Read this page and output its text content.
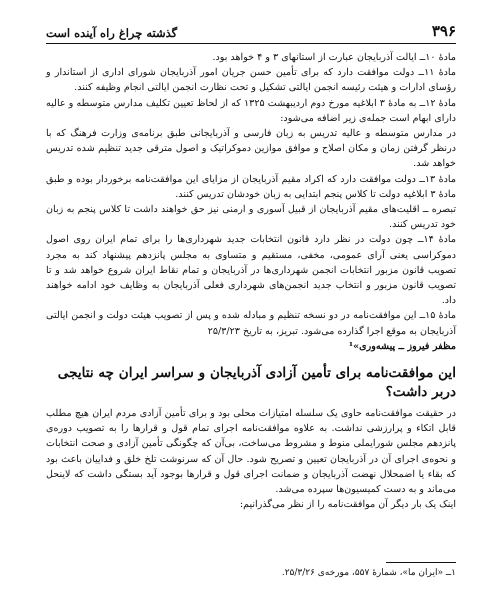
۳۹۶
گذشته چراغ راه آینده است

مادهٔ ۱۰ــ ایالت آذربایجان عبارت از استانهای ۳ و ۴ خواهد بود.

مادهٔ ۱۱ــ دولت موافقت دارد که برای تأمین حسن جریان امور آذربایجان شورای اداری از استاندار و رؤسای ادارات و هیئت رئیسه انجمن ایالتی تشکیل و تحت نظارت انجمن ایالتی انجام وظیفه کنند.

مادهٔ ۱۲ــ به مادهٔ ۳ ابلاغیه مورخ دوم اردیبهشت ۱۳۲۵ که از لحاظ تعیین تکلیف مدارس متوسطه و عالیه دارای ابهام است جمله‌ی زیر اضافه می‌شود:

در مدارس متوسطه و عالیه تدریس به زبان فارسی و آذربایجانی طبق برنامه‌ی وزارت فرهنگ که با درنظر گرفتن زمان و مکان اصلاح و موافق موازین دموکراتیک و اصول مترقی جدید تنظیم شده تدریس خواهد شد.

مادهٔ ۱۳ــ دولت موافقت دارد که اکراد مقیم آذربایجان از مزایای این موافقت‌نامه برخوردار بوده و طبق مادهٔ ۳ ابلاغیه دولت تا کلاس پنجم ابتدایی به زبان خودشان تدریس کنند.

تبصره ــ اقلیت‌های مقیم آذربایجان از قبیل آسوری و ارمنی نیز حق خواهند داشت تا کلاس پنجم به زبان خود تدریس کنند.

مادهٔ ۱۴ــ چون دولت در نظر دارد قانون انتخابات جدید شهرداری‌ها را برای تمام ایران روی اصول دموکراسی یعنی آرای عمومی، مخفی، مستقیم و متساوی به مجلس پانزدهم پیشنهاد کند به مجرد تصویب قانون مزبور انتخابات انجمن شهرداری‌ها در آذربایجان و تمام نقاط ایران شروع خواهد شد و تا تصویب قانون مزبور و انتخاب جدید انجمن‌های شهرداری فعلی آذربایجان به وظایف خود ادامه خواهند داد.

مادهٔ ۱۵ــ این موافقت‌نامه در دو نسخه تنظیم و مبادله شده و پس از تصویب هیئت دولت و انجمن ایالتی آذربایجان به موقع اجرا گذارده می‌شود. تبریز، به تاریخ ۲۵/۳/۲۳

مظفر فیروز ــ پیشه‌وری»¹

این موافقت‌نامه برای تأمین آزادی آذربایجان و سراسر ایران چه نتایجی دربر داشت؟

در حقیقت موافقت‌نامه حاوی یک سلسله امتیازات محلی بود و برای تأمین آزادی مردم ایران هیچ مطلب قابل اتکاء و پرارزشی نداشت. به علاوه موافقت‌نامه اجرای تمام قول و قرارها را به تصویب دوره‌ی پانزدهم مجلس شورایملی منوط و مشروط می‌ساخت، بی‌آن که چگونگی تأمین آزادی و صحت انتخابات و نحوه‌ی اجرای آن در آذربایجان تعیین و تصریح شود. حال آن که سرنوشت تلخ خلق و فداییان باعث بود که بقاء یا اضمحلال نهضت آذربایجان و ضمانت اجرای قول و قرارها بوجود آید بستگی داشت که لاینحل می‌ماند و به دست کمیسیون‌ها سپرده می‌شد.

اینک یک بار دیگر آن موافقت‌نامه را از نظر می‌گذرانیم:

۱ــ «ایران ما»، شمارهٔ ۵۵۷، مورخه‌ی ۲۵/۳/۲۶.
